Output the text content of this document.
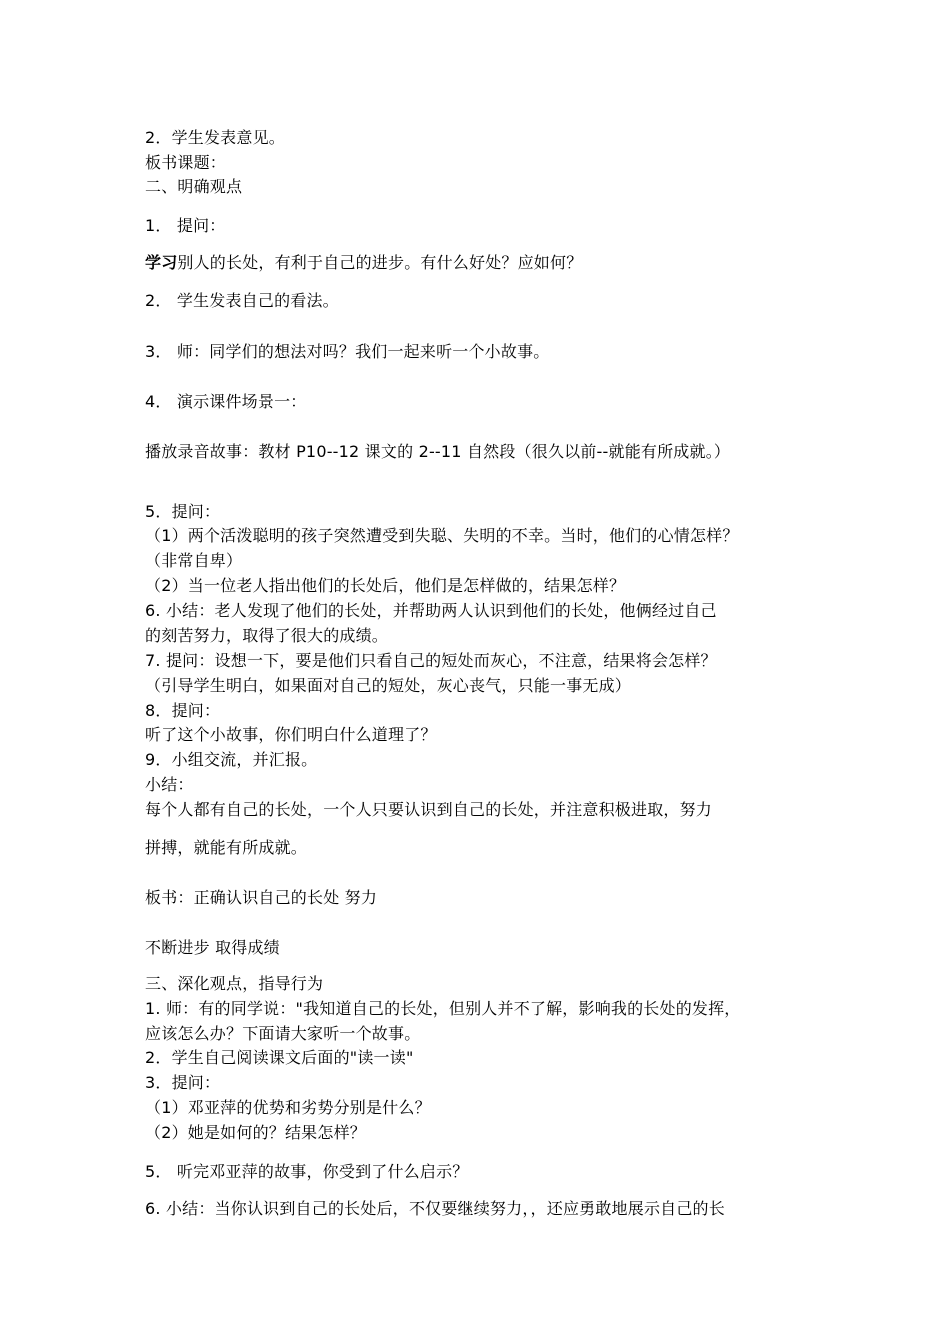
2．学生发表意见。
板书课题：
二、明确观点
1． 提问：
学习别人的长处，有利于自己的进步。有什么好处？应如何？
2． 学生发表自己的看法。
3． 师：同学们的想法对吗？我们一起来听一个小故事。
4． 演示课件场景一：
播放录音故事：教材 P10--12 课文的 2--11 自然段（很久以前--就能有所成就。）
5．提问：
（1）两个活泼聪明的孩子突然遭受到失聪、失明的不幸。当时，他们的心情怎样？
（非常自卑）
（2）当一位老人指出他们的长处后，他们是怎样做的，结果怎样？
6. 小结：老人发现了他们的长处，并帮助两人认识到他们的长处，他俩经过自己
的刻苦努力，取得了很大的成绩。
7. 提问：设想一下，要是他们只看自己的短处而灰心，不注意，结果将会怎样？
（引导学生明白，如果面对自己的短处，灰心丧气，只能一事无成）
8．提问：
听了这个小故事，你们明白什么道理了？
9．小组交流，并汇报。
小结：
每个人都有自己的长处，一个人只要认识到自己的长处，并注意积极进取，努力
拼搏，就能有所成就。
板书：正确认识自己的长处 努力
不断进步 取得成绩
三、深化观点，指导行为
1. 师：有的同学说："我知道自己的长处，但别人并不了解，影响我的长处的发挥，
应该怎么办？下面请大家听一个故事。
2．学生自己阅读课文后面的"读一读"
3．提问：
（1）邓亚萍的优势和劣势分别是什么？
（2）她是如何的？结果怎样？
5． 听完邓亚萍的故事，你受到了什么启示？
6. 小结：当你认识到自己的长处后，不仅要继续努力，，还应勇敢地展示自己的长
